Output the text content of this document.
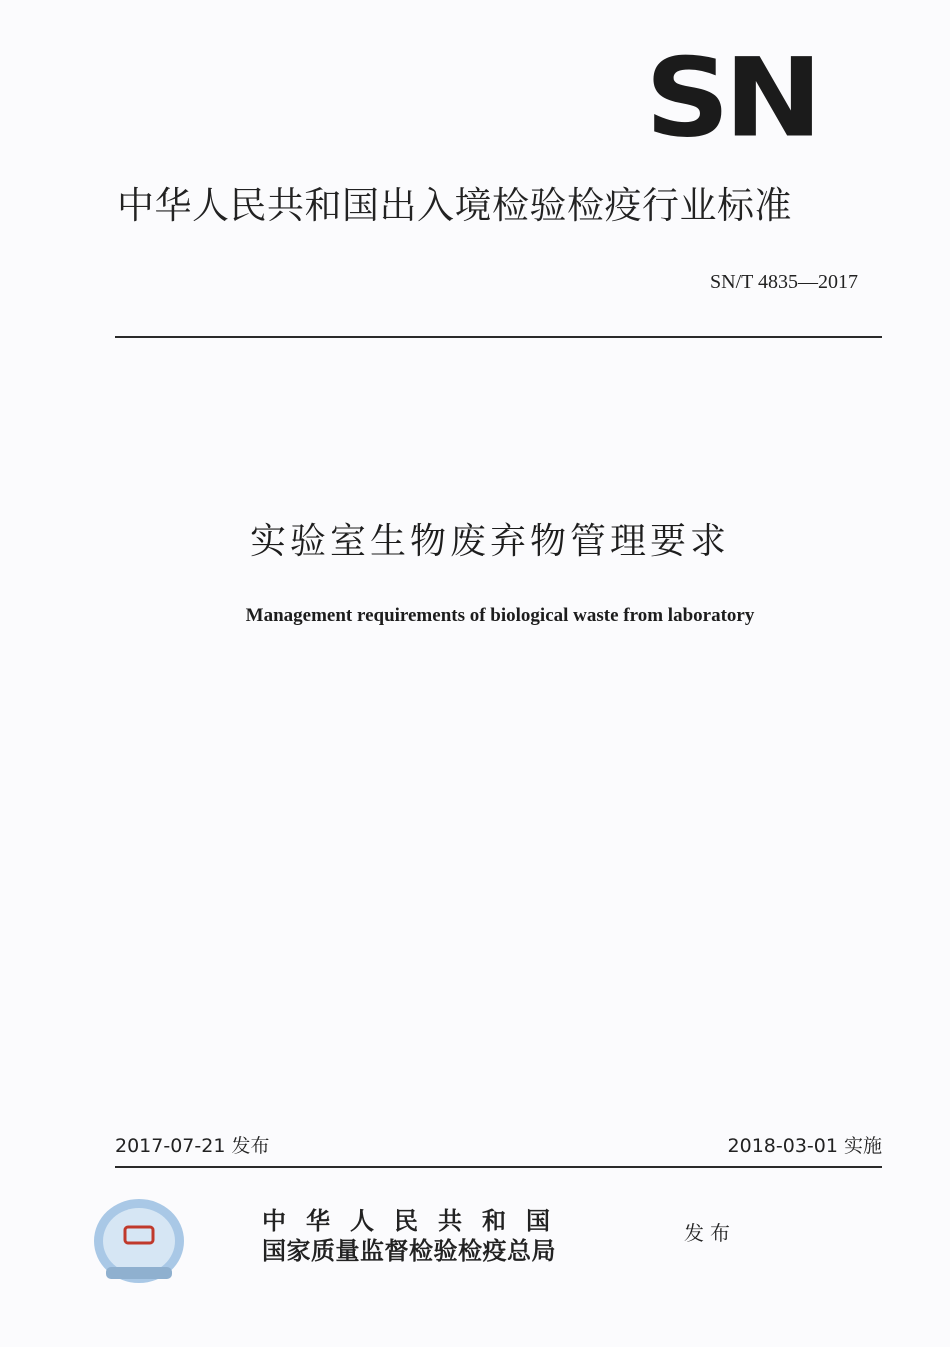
SN
中华人民共和国出入境检验检疫行业标准
SN/T 4835—2017
实验室生物废弃物管理要求
Management requirements of biological waste from laboratory
2017-07-21 发布	2018-03-01 实施
中华人民共和国
国家质量监督检验检疫总局
发布
